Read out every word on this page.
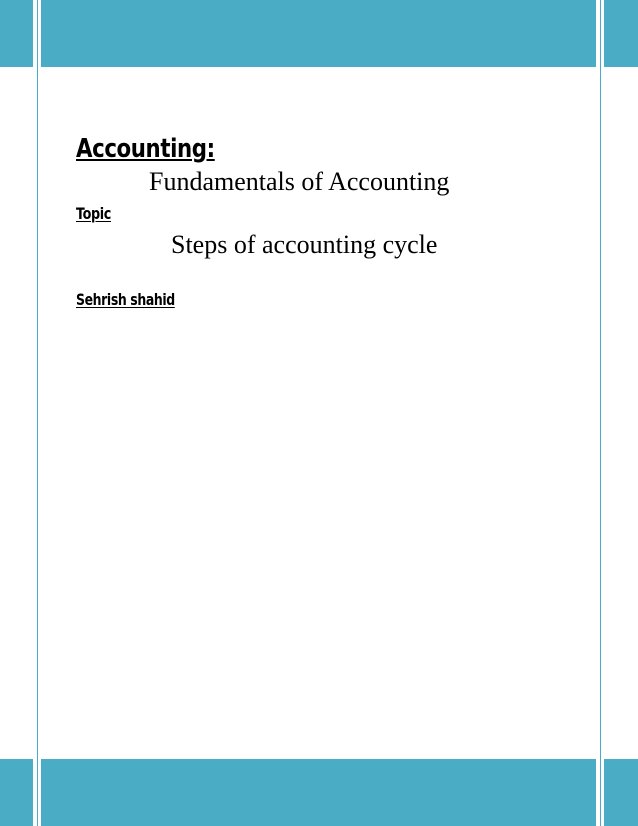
Accounting:
Fundamentals of Accounting
Topic
Steps of accounting cycle
Sehrish shahid
